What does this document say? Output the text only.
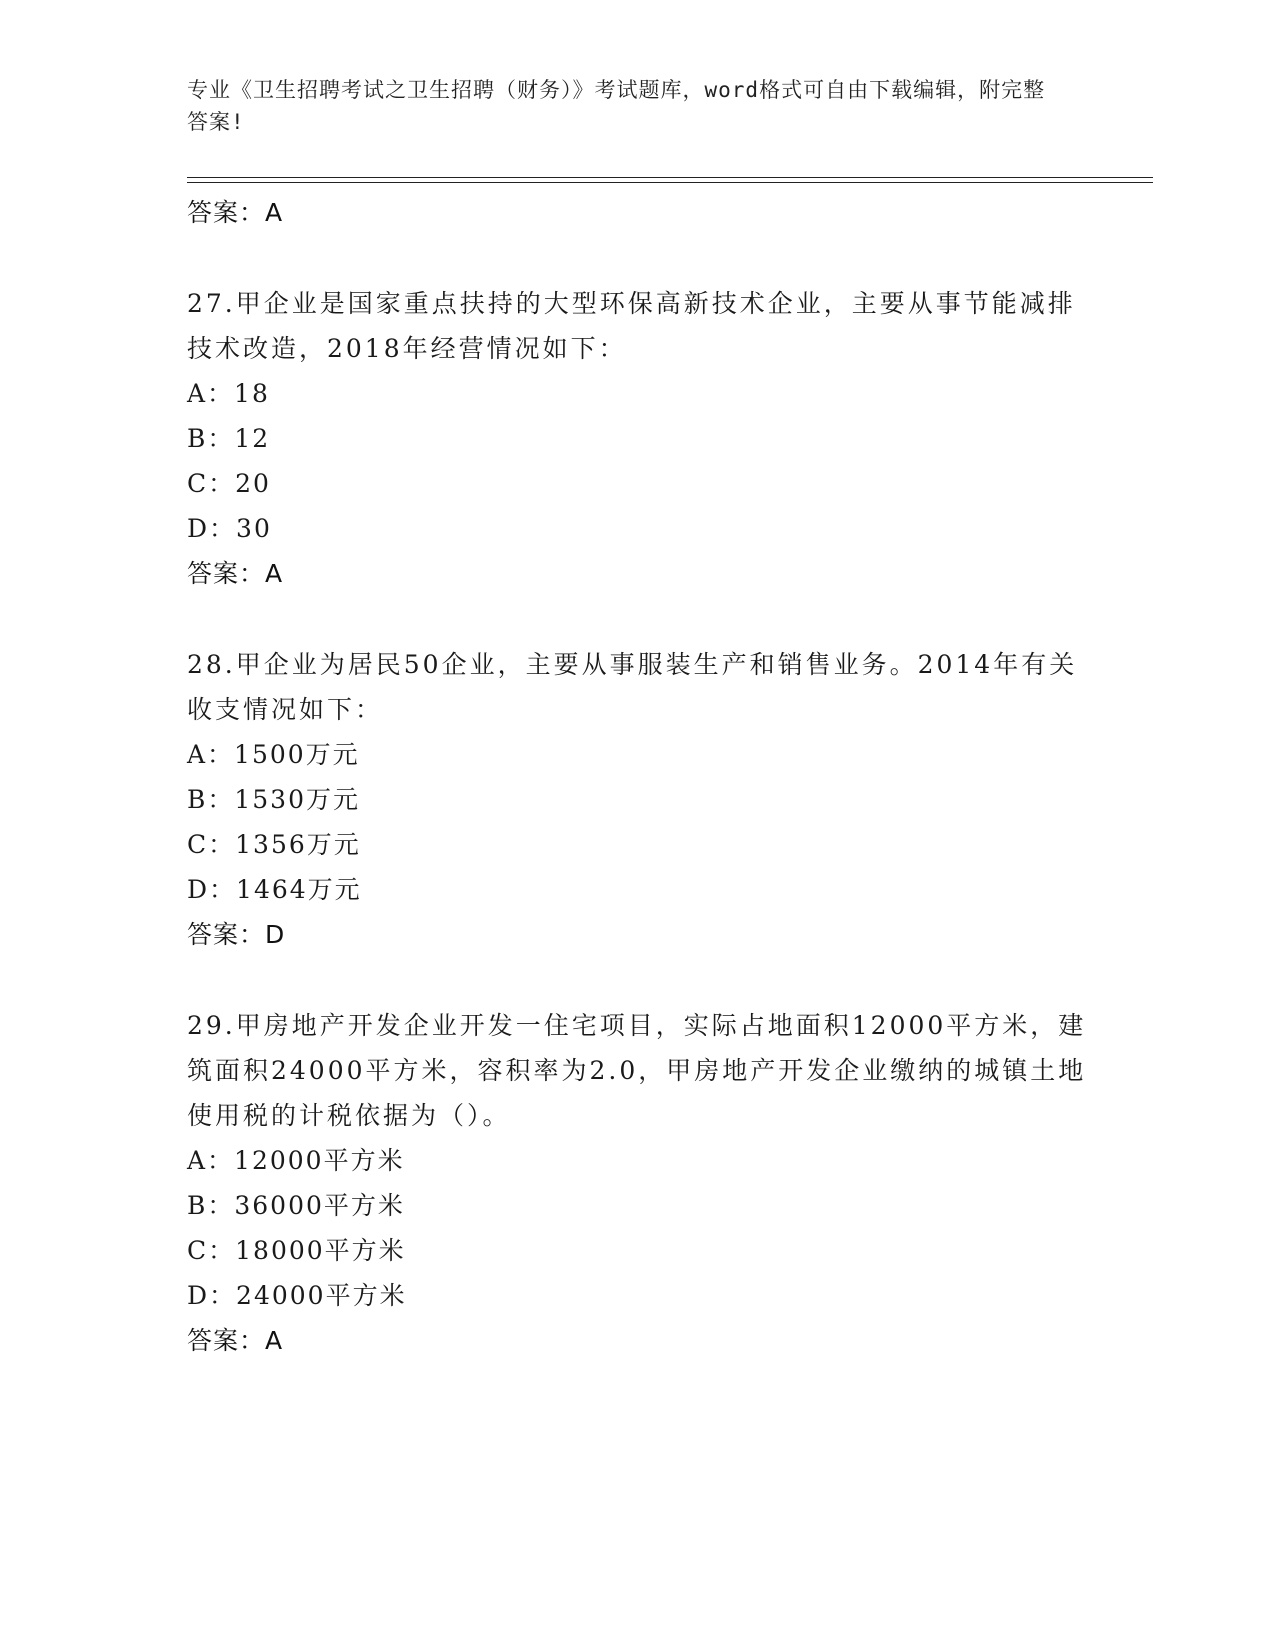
专业《卫生招聘考试之卫生招聘（财务）》考试题库，word格式可自由下载编辑，附完整答案!
答案：A
27.甲企业是国家重点扶持的大型环保高新技术企业，主要从事节能减排技术改造，2018年经营情况如下：
A：18
B：12
C：20
D：30
答案：A
28.甲企业为居民50企业，主要从事服装生产和销售业务。2014年有关收支情况如下：
A：1500万元
B：1530万元
C：1356万元
D：1464万元
答案：D
29.甲房地产开发企业开发一住宅项目，实际占地面积12000平方米，建筑面积24000平方米，容积率为2.0，甲房地产开发企业缴纳的城镇土地使用税的计税依据为（）。
A：12000平方米
B：36000平方米
C：18000平方米
D：24000平方米
答案：A
